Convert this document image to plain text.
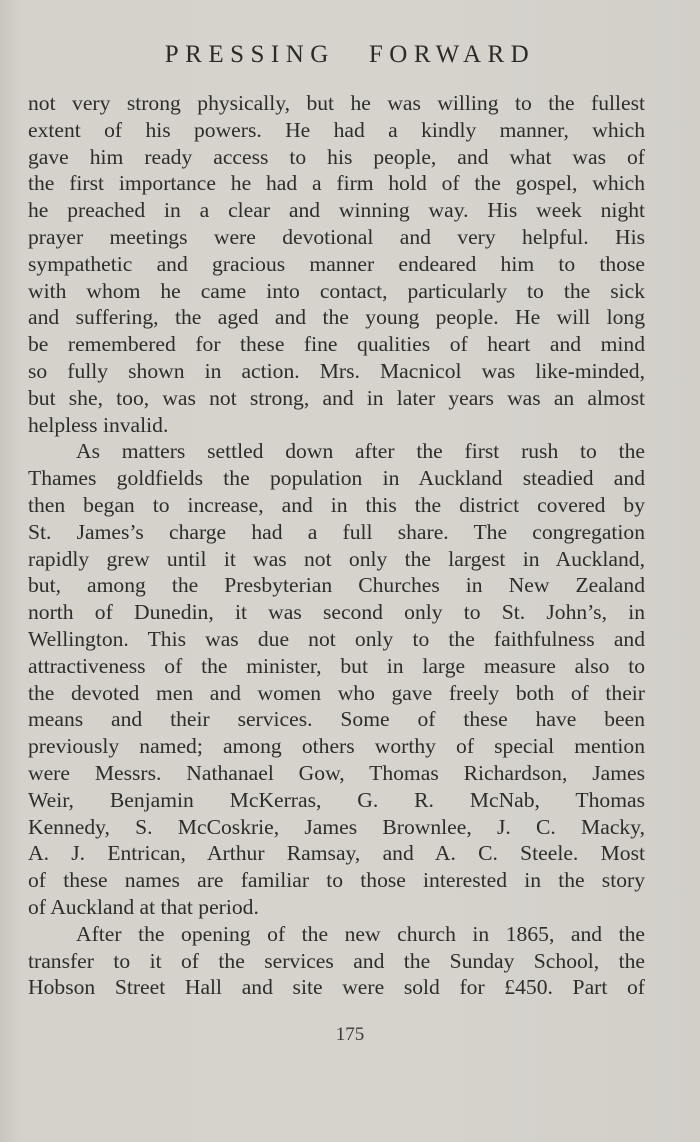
PRESSING FORWARD
not very strong physically, but he was willing to the fullest
extent of his powers. He had a kindly manner, which
gave him ready access to his people, and what was of
the first importance he had a firm hold of the gospel, which
he preached in a clear and winning way. His week night
prayer meetings were devotional and very helpful. His
sympathetic and gracious manner endeared him to those
with whom he came into contact, particularly to the sick
and suffering, the aged and the young people. He will long
be remembered for these fine qualities of heart and mind
so fully shown in action. Mrs. Macnicol was like-minded,
but she, too, was not strong, and in later years was an almost
helpless invalid.
As matters settled down after the first rush to the
Thames goldfields the population in Auckland steadied and
then began to increase, and in this the district covered by
St. James’s charge had a full share. The congregation
rapidly grew until it was not only the largest in Auckland,
but, among the Presbyterian Churches in New Zealand
north of Dunedin, it was second only to St. John’s, in
Wellington. This was due not only to the faithfulness and
attractiveness of the minister, but in large measure also to
the devoted men and women who gave freely both of their
means and their services. Some of these have been
previously named; among others worthy of special mention
were Messrs. Nathanael Gow, Thomas Richardson, James
Weir, Benjamin McKerras, G. R. McNab, Thomas
Kennedy, S. McCoskrie, James Brownlee, J. C. Macky,
A. J. Entrican, Arthur Ramsay, and A. C. Steele. Most
of these names are familiar to those interested in the story
of Auckland at that period.
After the opening of the new church in 1865, and the
transfer to it of the services and the Sunday School, the
Hobson Street Hall and site were sold for £450. Part of
175
